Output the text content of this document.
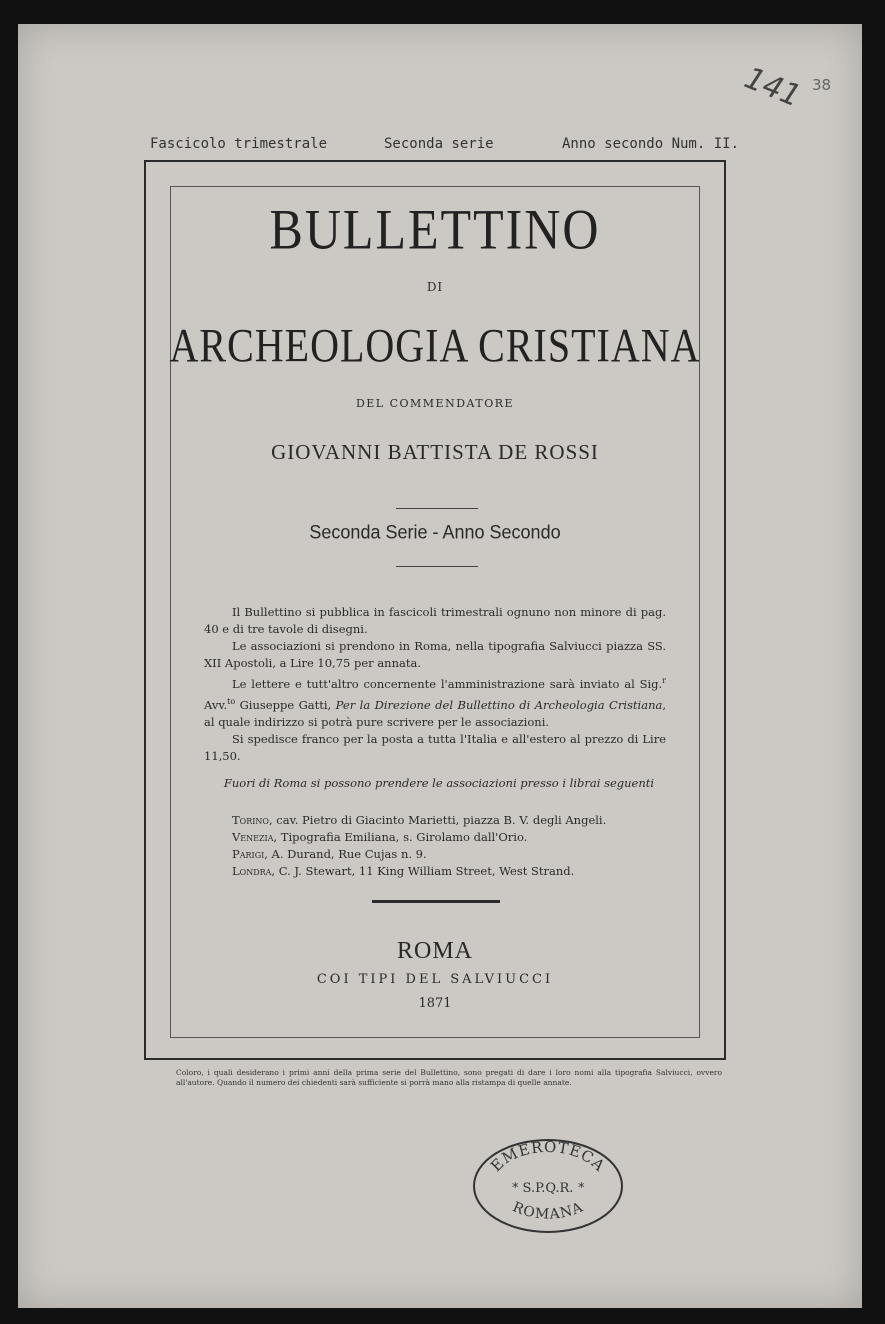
141 38
Fascicolo trimestrale	Seconda serie	Anno secondo Num. II.
BULLETTINO
DI
ARCHEOLOGIA CRISTIANA
DEL COMMENDATORE
GIOVANNI BATTISTA DE ROSSI
Seconda Serie - Anno Secondo

Il Bullettino si pubblica in fascicoli trimestrali ognuno non minore di pag. 40 e di tre tavole di disegni.

Le associazioni si prendono in Roma, nella tipografia Salviucci piazza SS. XII Apostoli, a Lire 10,75 per annata.

Le lettere e tutt'altro concernente l'amministrazione sarà inviato al Sig.$^r$ Avv.$^{to}$ Giuseppe Gatti, Per la Direzione del Bullettino di Archeologia Cristiana, al quale indirizzo si potrà pure scrivere per le associazioni.

Si spedisce franco per la posta a tutta l'Italia e all'estero al prezzo di Lire 11,50.

Fuori di Roma si possono prendere le associazioni presso i librai seguenti
Torino, cav. Pietro di Giacinto Marietti, piazza B. V. degli Angeli.
Venezia, Tipografia Emiliana, s. Girolamo dall'Orio.
Parigi, A. Durand, Rue Cujas n. 9.
Londra, C. J. Stewart, 11 King William Street, West Strand.
ROMA
COI TIPI DEL SALVIUCCI
1871
Coloro, i quali desiderano i primi anni della prima serie del Bullettino, sono pregati di dare i loro nomi alla tipografia Salviucci, ovvero all'autore. Quando il numero dei chiedenti sarà sufficiente si porrà mano alla ristampa di quelle annate.
EMEROTECA
* S.P.Q.R. *
ROMANA
